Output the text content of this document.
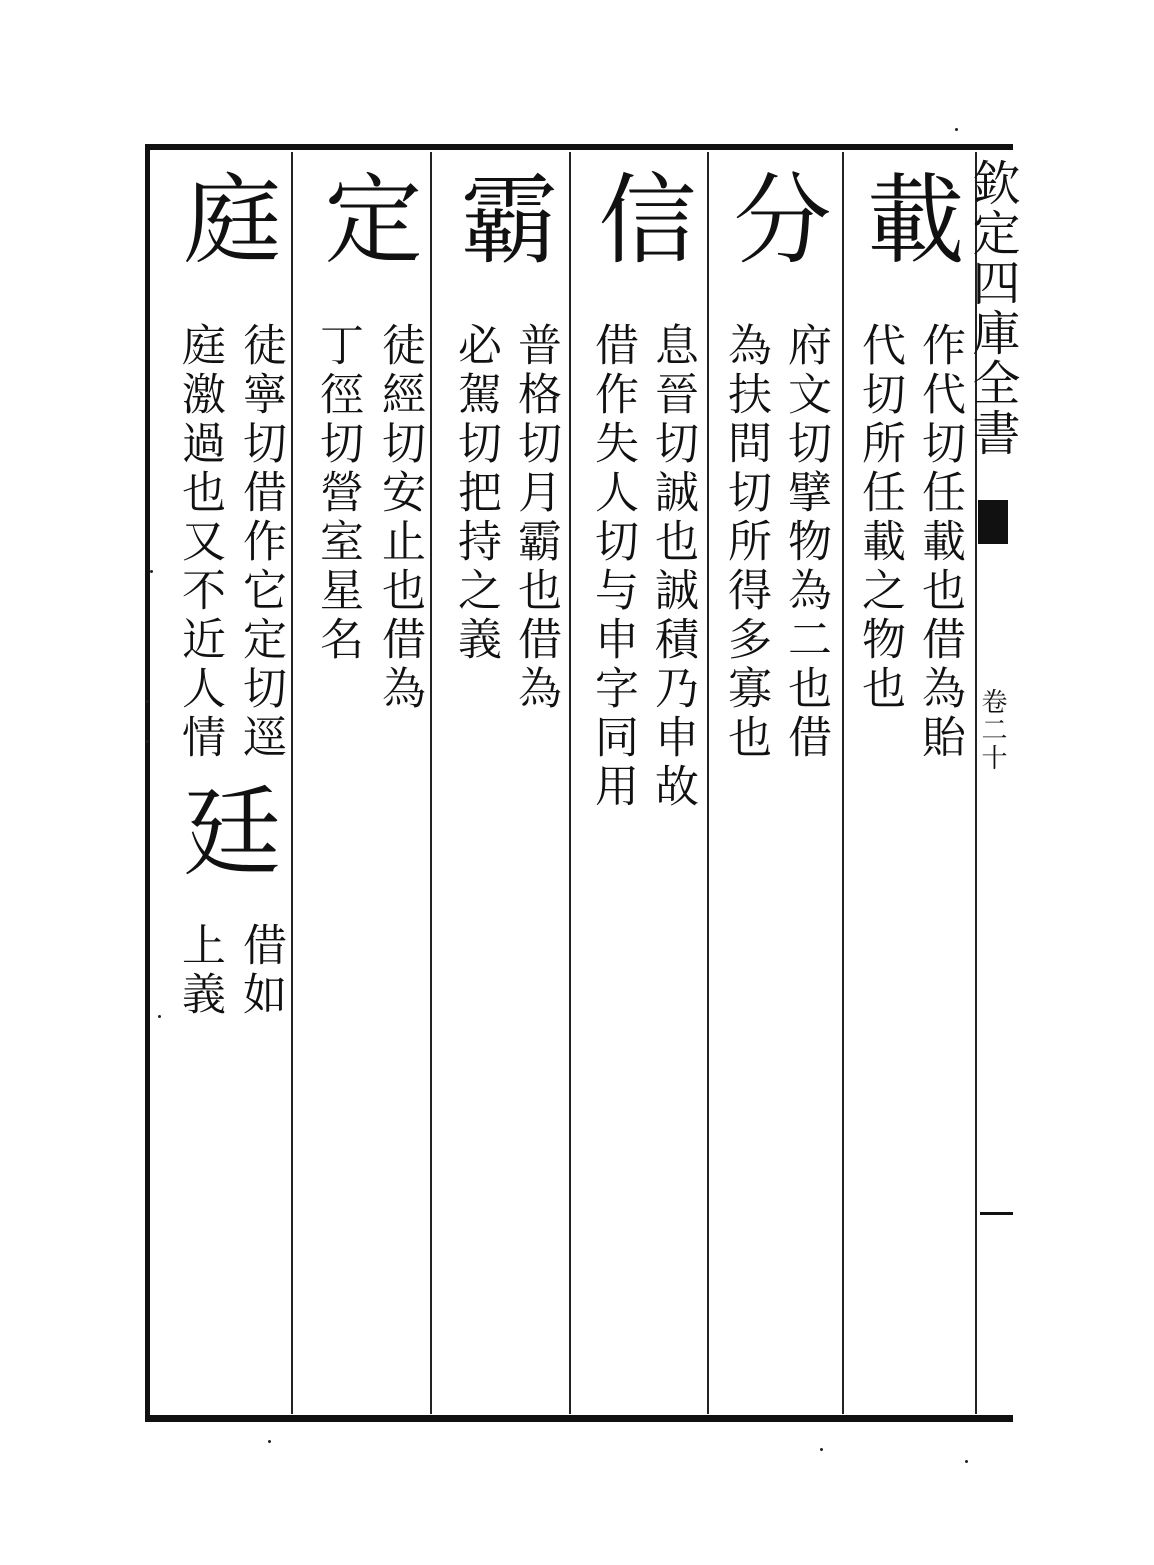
欽定四庫全書
卷二十
載
作代切任載也借為貽
代切所任載之物也
分
府文切擘物為二也借
為扶問切所得多寡也
信
息晉切誠也誠積乃申故
借作失人切与申字同用
霸
普格切月霸也借為
必駕切把持之義
定
徒經切安止也借為
丁徑切營室星名
庭
徒寧切借作它定切逕
庭激過也又不近人情
廷
借如
上義
